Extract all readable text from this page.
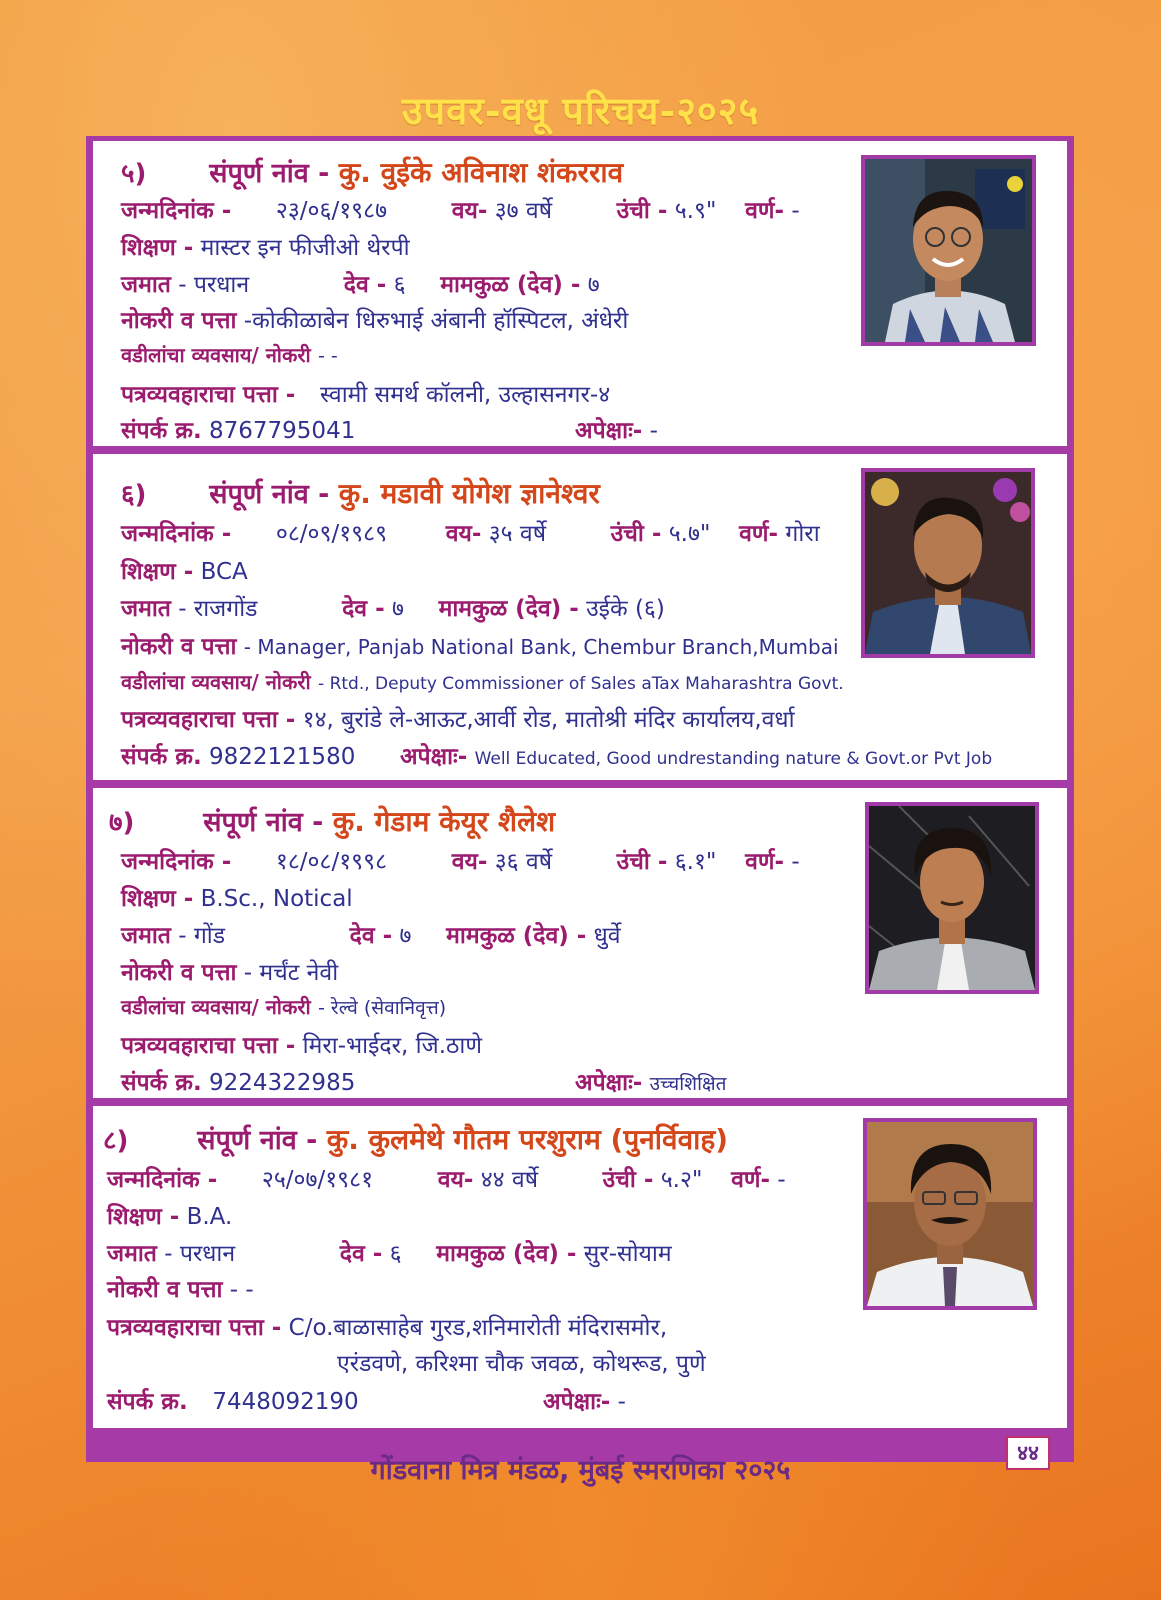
उपवर-वधू परिचय-२०२५
५) संपूर्ण नांव - कु. वुईके अविनाश शंकरराव
जन्मदिनांक - २३/०६/१९८७	वय- ३७ वर्षे	उंची - ५.९" वर्ण- -
शिक्षण - मास्टर इन फीजीओ थेरपी
जमात - परधान	देव - ६ मामकुळ (देव) - ७
नोकरी व पत्ता -कोकीळाबेन धिरुभाई अंबानी हॉस्पिटल, अंधेरी
वडीलांचा व्यवसाय/ नोकरी - -
पत्रव्यवहाराचा पत्ता - स्वामी समर्थ कॉलनी, उल्हासनगर-४
संपर्क क्र. 8767795041	अपेक्षाः- -
६) संपूर्ण नांव - कु. मडावी योगेश ज्ञानेश्वर
जन्मदिनांक - ०८/०९/१९८९	वय- ३५ वर्षे	उंची - ५.७" वर्ण- गोरा
शिक्षण - BCA
जमात - राजगोंड	देव - ७ मामकुळ (देव) - उईके (६)
नोकरी व पत्ता - Manager, Panjab National Bank, Chembur Branch,Mumbai
वडीलांचा व्यवसाय/ नोकरी - Rtd., Deputy Commissioner of Sales aTax Maharashtra Govt.
पत्रव्यवहाराचा पत्ता - १४, बुरांडे ले-आऊट,आर्वी रोड, मातोश्री मंदिर कार्यालय,वर्धा
संपर्क क्र. 9822121580 अपेक्षाः- Well Educated, Good undrestanding nature & Govt.or Pvt Job
७)	संपूर्ण नांव - कु. गेडाम केयूर शैलेश
जन्मदिनांक - १८/०८/१९९८	वय- ३६ वर्षे	उंची - ६.१" वर्ण- -
शिक्षण - B.Sc., Notical
जमात - गोंड	देव - ७ मामकुळ (देव) - धुर्वे
नोकरी व पत्ता - मर्चंट नेवी
वडीलांचा व्यवसाय/ नोकरी - रेल्वे (सेवानिवृत्त)
पत्रव्यवहाराचा पत्ता - मिरा-भाईदर, जि.ठाणे
संपर्क क्र. 9224322985	अपेक्षाः- उच्चशिक्षित
८)	संपूर्ण नांव - कु. कुलमेथे गौतम परशुराम (पुनर्विवाह)
जन्मदिनांक - २५/०७/१९८१	वय- ४४ वर्षे	उंची - ५.२" वर्ण- -
शिक्षण - B.A.
जमात - परधान	देव - ६ मामकुळ (देव) - सुर-सोयाम
नोकरी व पत्ता - -
पत्रव्यवहाराचा पत्ता - C/o.बाळासाहेब गुरड,शनिमारोती मंदिरासमोर,
एरंडवणे, करिश्मा चौक जवळ, कोथरूड, पुणे
संपर्क क्र. 7448092190	अपेक्षाः- -
गोंडवाना मित्र मंडळ, मुंबई स्मरणिका २०२५
४४
